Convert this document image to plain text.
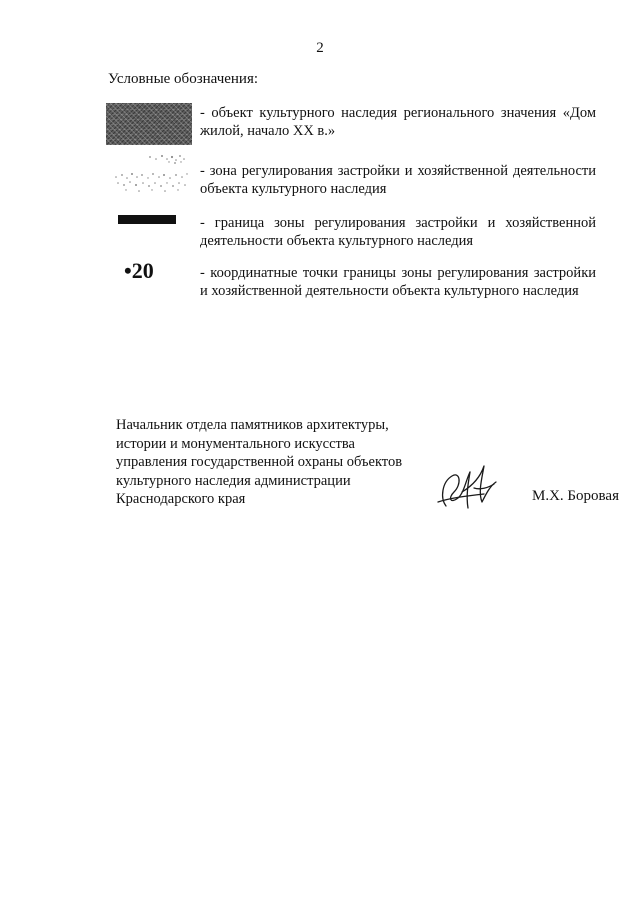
2
Условные обозначения:
- объект культурного наследия регионального значения «Дом жилой, начало XX в.»
- зона регулирования застройки и хозяйственной деятельности объекта культурного наследия
- граница зоны регулирования застройки и хозяйственной деятельности объекта культурного наследия
•20	- координатные точки границы зоны регулирования застройки и хозяйственной деятельности объекта культурного наследия
Начальник отдела памятников архитектуры,
истории и монументального искусства
управления государственной охраны объектов
культурного наследия администрации
Краснодарского края	М.Х. Боровая
